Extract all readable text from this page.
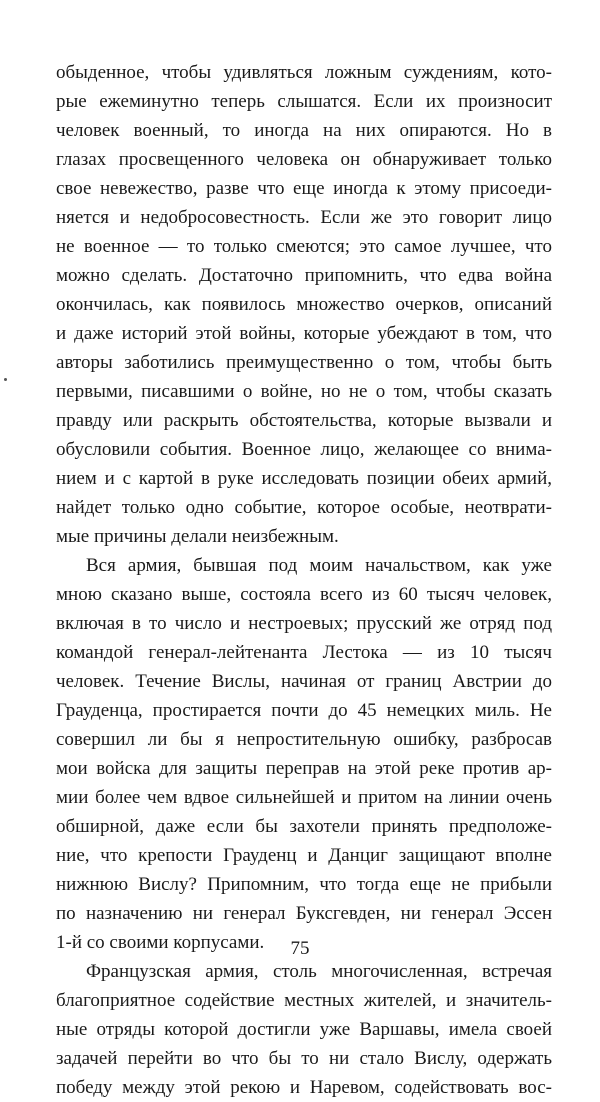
обыденное, чтобы удивляться ложным суждениям, кото-
рые ежеминутно теперь слышатся. Если их произносит
человек военный, то иногда на них опираются. Но в
глазах просвещенного человека он обнаруживает только
свое невежество, разве что еще иногда к этому присоеди-
няется и недобросовестность. Если же это говорит лицо
не военное — то только смеются; это самое лучшее, что
можно сделать. Достаточно припомнить, что едва война
окончилась, как появилось множество очерков, описаний
и даже историй этой войны, которые убеждают в том, что
авторы заботились преимущественно о том, чтобы быть
первыми, писавшими о войне, но не о том, чтобы сказать
правду или раскрыть обстоятельства, которые вызвали и
обусловили события. Военное лицо, желающее со внима-
нием и с картой в руке исследовать позиции обеих армий,
найдет только одно событие, которое особые, неотврати-
мые причины делали неизбежным.
Вся армия, бывшая под моим начальством, как уже
мною сказано выше, состояла всего из 60 тысяч человек,
включая в то число и нестроевых; прусский же отряд под
командой генерал-лейтенанта Лестока — из 10 тысяч
человек. Течение Вислы, начиная от границ Австрии до
Грауденца, простирается почти до 45 немецких миль. Не
совершил ли бы я непростительную ошибку, разбросав
мои войска для защиты переправ на этой реке против ар-
мии более чем вдвое сильнейшей и притом на линии очень
обширной, даже если бы захотели принять предположе-
ние, что крепости Грауденц и Данциг защищают вполне
нижнюю Вислу? Припомним, что тогда еще не прибыли
по назначению ни генерал Буксгевден, ни генерал Эссен
1-й со своими корпусами.
Французская армия, столь многочисленная, встречая
благоприятное содействие местных жителей, и значитель-
ные отряды которой достигли уже Варшавы, имела своей
задачей перейти во что бы то ни стало Вислу, одержать
победу между этой рекою и Наревом, содействовать вос-
75
